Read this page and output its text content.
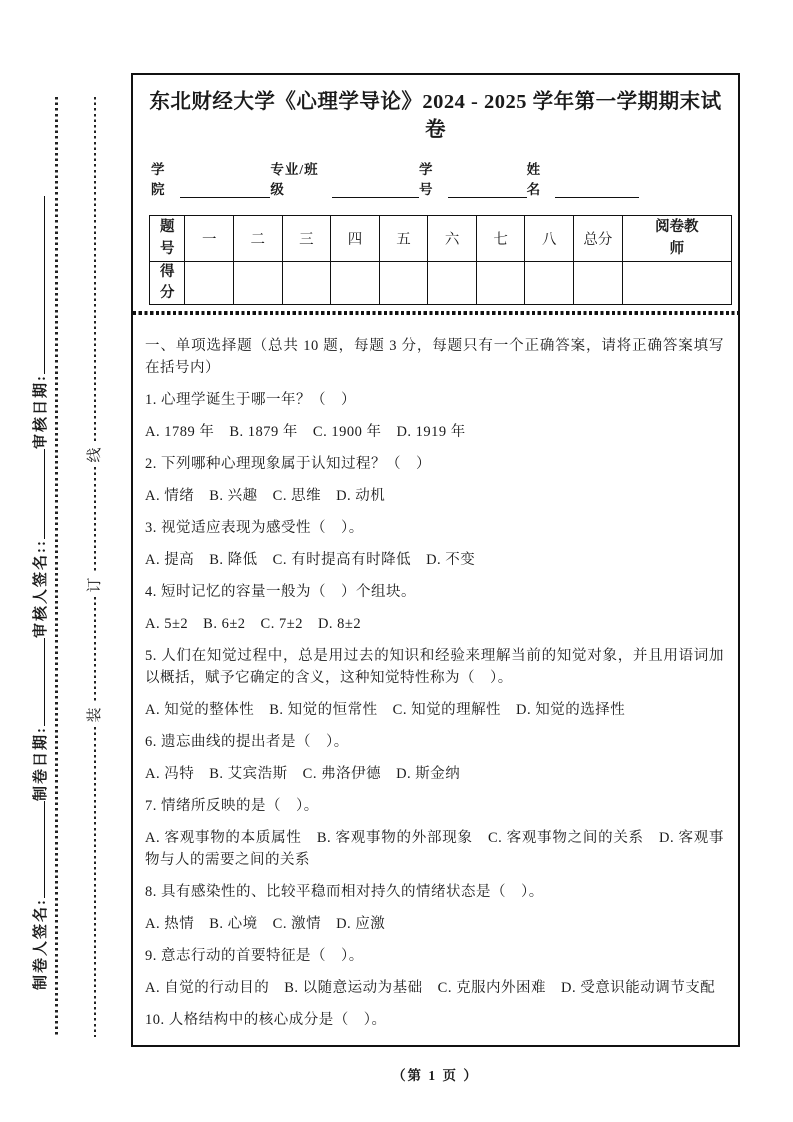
制卷人签名:制卷日期:审核人签名::审核日期:
线
订
装
东北财经大学《心理学导论》2024 - 2025 学年第一学期期末试卷
学院
专业/班级
学号
姓名
题号	一	二	三	四	五	六	七	八	总分	阅卷教师
得分										

一、单项选择题（总共 10 题，每题 3 分，每题只有一个正确答案，请将正确答案填写在括号内）

1. 心理学诞生于哪一年？（　）

A. 1789 年　B. 1879 年　C. 1900 年　D. 1919 年

2. 下列哪种心理现象属于认知过程？（　）

A. 情绪　B. 兴趣　C. 思维　D. 动机

3. 视觉适应表现为感受性（　）。

A. 提高　B. 降低　C. 有时提高有时降低　D. 不变

4. 短时记忆的容量一般为（　）个组块。

A. 5±2　B. 6±2　C. 7±2　D. 8±2

5. 人们在知觉过程中，总是用过去的知识和经验来理解当前的知觉对象，并且用语词加以概括，赋予它确定的含义，这种知觉特性称为（　）。

A. 知觉的整体性　B. 知觉的恒常性　C. 知觉的理解性　D. 知觉的选择性

6. 遗忘曲线的提出者是（　）。

A. 冯特　B. 艾宾浩斯　C. 弗洛伊德　D. 斯金纳

7. 情绪所反映的是（　）。

A. 客观事物的本质属性　B. 客观事物的外部现象　C. 客观事物之间的关系　D. 客观事物与人的需要之间的关系

8. 具有感染性的、比较平稳而相对持久的情绪状态是（　）。

A. 热情　B. 心境　C. 激情　D. 应激

9. 意志行动的首要特征是（　）。

A. 自觉的行动目的　B. 以随意运动为基础　C. 克服内外困难　D. 受意识能动调节支配

10. 人格结构中的核心成分是（　）。

（第 1 页 ）
